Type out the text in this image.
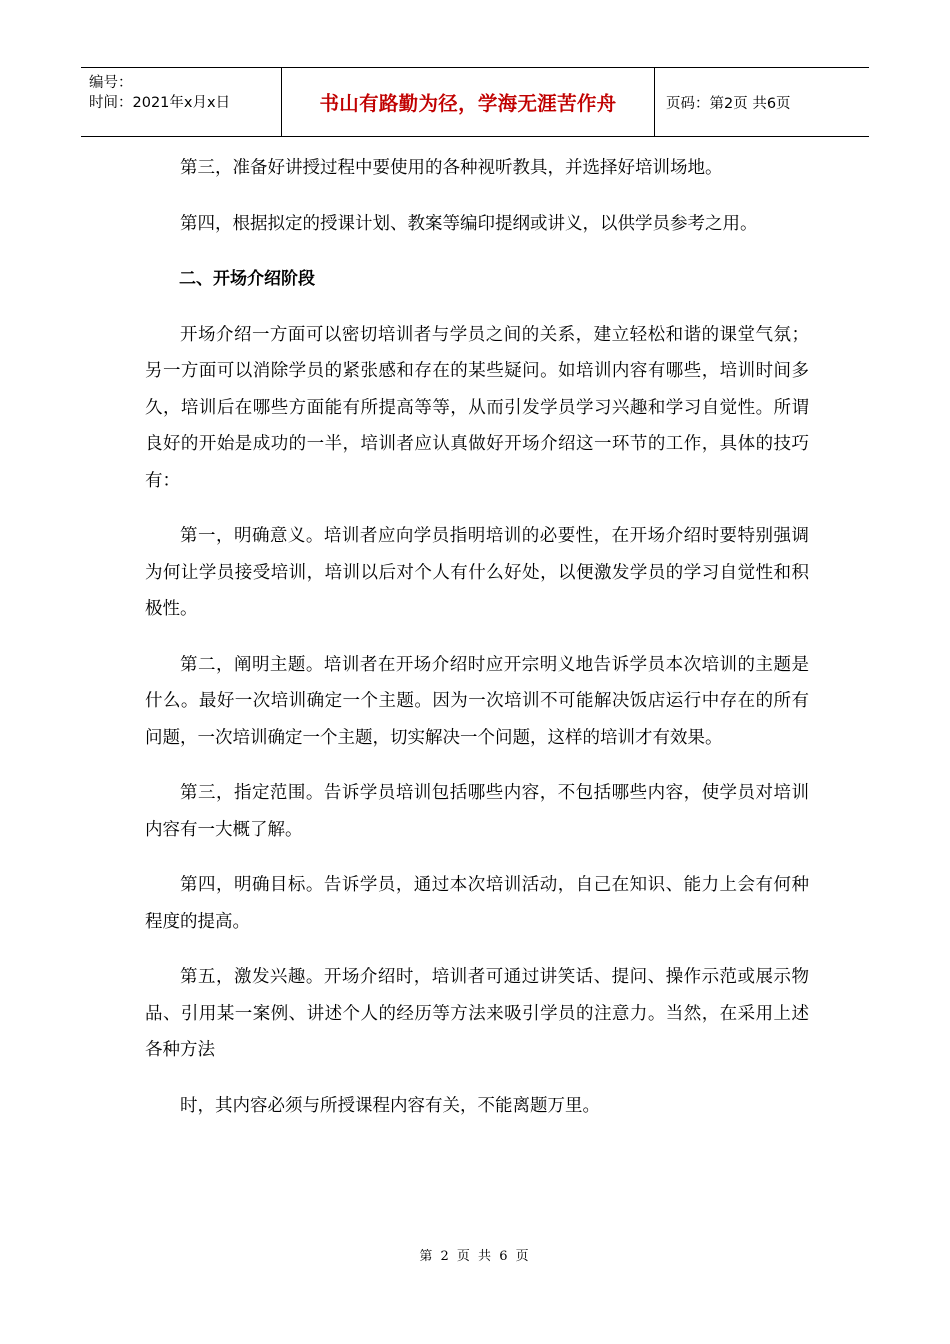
编号：
时间：2021年x月x日	书山有路勤为径，学海无涯苦作舟	页码：第2页 共6页

第三，准备好讲授过程中要使用的各种视听教具，并选择好培训场地。

第四，根据拟定的授课计划、教案等编印提纲或讲义，以供学员参考之用。

二、开场介绍阶段

开场介绍一方面可以密切培训者与学员之间的关系，建立轻松和谐的课堂气氛；另一方面可以消除学员的紧张感和存在的某些疑问。如培训内容有哪些，培训时间多久，培训后在哪些方面能有所提高等等，从而引发学员学习兴趣和学习自觉性。所谓良好的开始是成功的一半，培训者应认真做好开场介绍这一环节的工作，具体的技巧有：

第一，明确意义。培训者应向学员指明培训的必要性，在开场介绍时要特别强调为何让学员接受培训，培训以后对个人有什么好处，以便激发学员的学习自觉性和积极性。

第二，阐明主题。培训者在开场介绍时应开宗明义地告诉学员本次培训的主题是什么。最好一次培训确定一个主题。因为一次培训不可能解决饭店运行中存在的所有问题，一次培训确定一个主题，切实解决一个问题，这样的培训才有效果。

第三，指定范围。告诉学员培训包括哪些内容，不包括哪些内容，使学员对培训内容有一大概了解。

第四，明确目标。告诉学员，通过本次培训活动，自己在知识、能力上会有何种程度的提高。

第五，激发兴趣。开场介绍时，培训者可通过讲笑话、提问、操作示范或展示物品、引用某一案例、讲述个人的经历等方法来吸引学员的注意力。当然，在采用上述各种方法

时，其内容必须与所授课程内容有关，不能离题万里。

第 2 页 共 6 页
